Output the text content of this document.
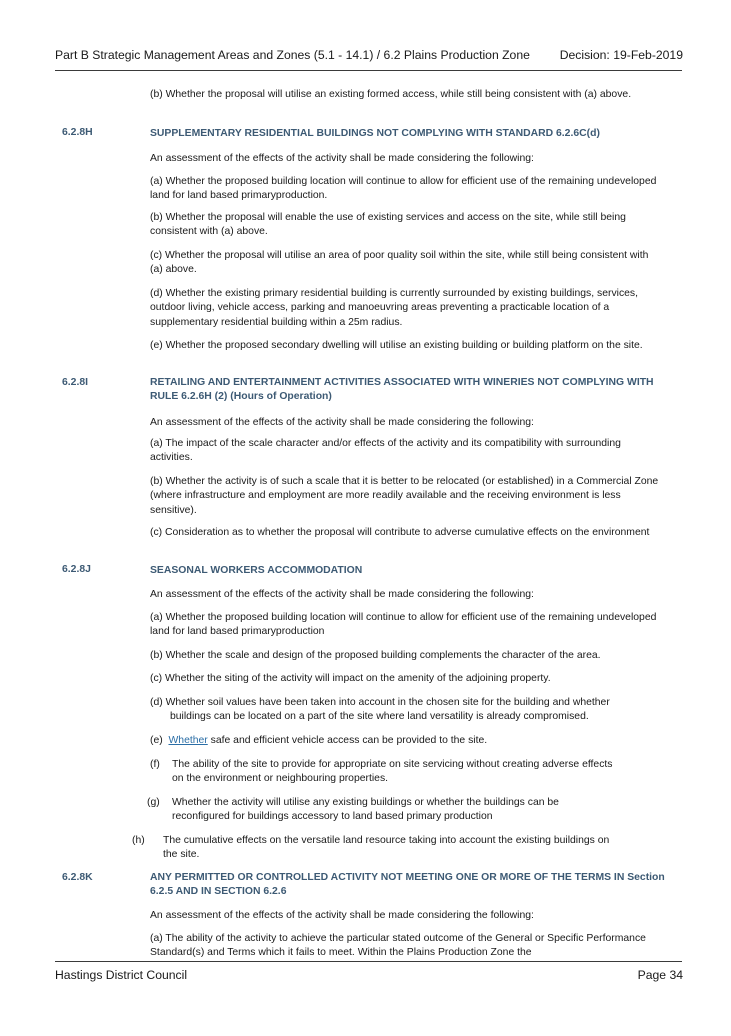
Part B Strategic Management Areas and Zones (5.1 - 14.1) / 6.2 Plains Production Zone Decision: 19-Feb-2019
(b) Whether the proposal will utilise an existing formed access, while still being consistent with (a) above.
6.2.8H	SUPPLEMENTARY RESIDENTIAL BUILDINGS NOT COMPLYING WITH STANDARD 6.2.6C(d)
An assessment of the effects of the activity shall be made considering the following:
(a) Whether the proposed building location will continue to allow for efficient use of the remaining undeveloped land for land based primaryproduction.
(b) Whether the proposal will enable the use of existing services and access on the site, while still being consistent with (a) above.
(c) Whether the proposal will utilise an area of poor quality soil within the site, while still being consistent with (a) above.
(d) Whether the existing primary residential building is currently surrounded by existing buildings, services, outdoor living, vehicle access, parking and manoeuvring areas preventing a practicable location of a supplementary residential building within a 25m radius.
(e) Whether the proposed secondary dwelling will utilise an existing building or building platform on the site.
6.2.8I	RETAILING AND ENTERTAINMENT ACTIVITIES ASSOCIATED WITH WINERIES NOT COMPLYING WITH RULE 6.2.6H (2) (Hours of Operation)
An assessment of the effects of the activity shall be made considering the following:
(a) The impact of the scale character and/or effects of the activity and its compatibility with surrounding activities.
(b) Whether the activity is of such a scale that it is better to be relocated (or established) in a Commercial Zone (where infrastructure and employment are more readily available and the receiving environment is less sensitive).
(c) Consideration as to whether the proposal will contribute to adverse cumulative effects on the environment
6.2.8J	SEASONAL WORKERS ACCOMMODATION
An assessment of the effects of the activity shall be made considering the following:
(a) Whether the proposed building location will continue to allow for efficient use of the remaining undeveloped land for land based primaryproduction
(b) Whether the scale and design of the proposed building complements the character of the area.
(c) Whether the siting of the activity will impact on the amenity of the adjoining property.
(d) Whether soil values have been taken into account in the chosen site for the building and whether
buildings can be located on a part of the site where land versatility is already compromised.
(e) Whether safe and efficient vehicle access can be provided to the site.
(f) The ability of the site to provide for appropriate on site servicing without creating adverse effects
on the environment or neighbouring properties.
(g) Whether the activity will utilise any existing buildings or whether the buildings can be
reconfigured for buildings accessory to land based primary production
(h) The cumulative effects on the versatile land resource taking into account the existing buildings on
the site.
6.2.8K	ANY PERMITTED OR CONTROLLED ACTIVITY NOT MEETING ONE OR MORE OF THE TERMS IN Section 6.2.5 AND IN SECTION 6.2.6
An assessment of the effects of the activity shall be made considering the following:
(a) The ability of the activity to achieve the particular stated outcome of the General or Specific Performance Standard(s) and Terms which it fails to meet. Within the Plains Production Zone the
Hastings District Council	Page 34
